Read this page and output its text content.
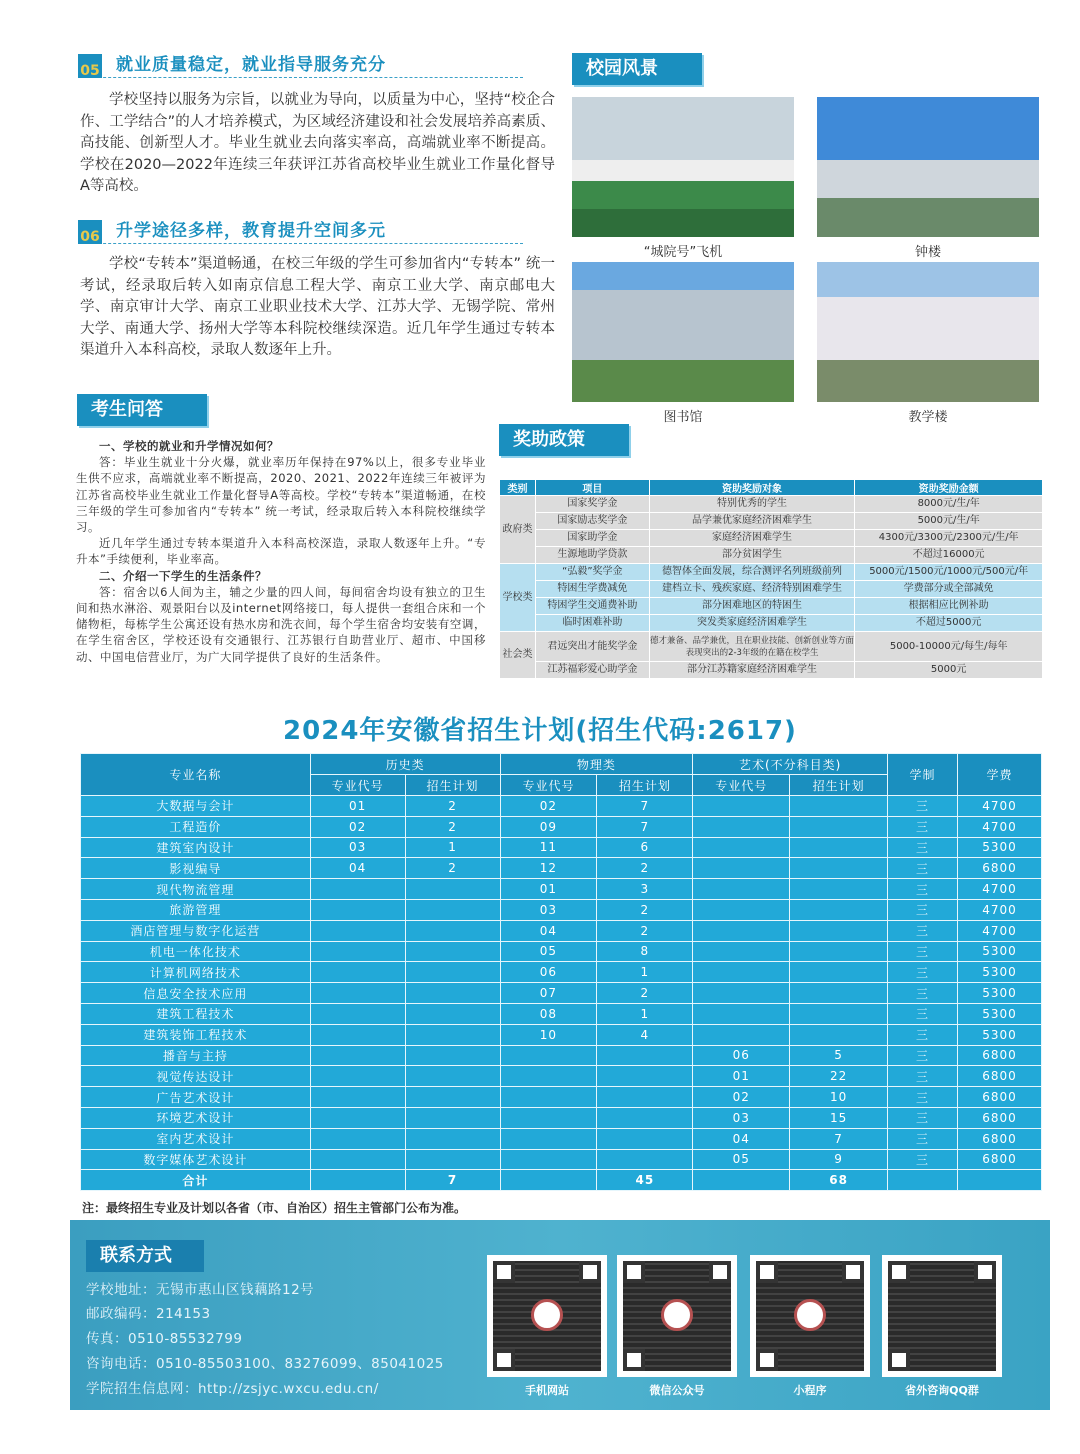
05 就业质量稳定，就业指导服务充分
学校坚持以服务为宗旨，以就业为导向，以质量为中心，坚持“校企合作、工学结合”的人才培养模式，为区域经济建设和社会发展培养高素质、高技能、创新型人才。毕业生就业去向落实率高，高端就业率不断提高。学校在2020—2022年连续三年获评江苏省高校毕业生就业工作量化督导A等高校。
06 升学途径多样，教育提升空间多元
学校“专转本”渠道畅通，在校三年级的学生可参加省内“专转本” 统一考试，经录取后转入如南京信息工程大学、南京工业大学、南京邮电大学、南京审计大学、南京工业职业技术大学、江苏大学、无锡学院、常州大学、南通大学、扬州大学等本科院校继续深造。近几年学生通过专转本渠道升入本科高校，录取人数逐年上升。
校园风景
“城院号”飞机	钟楼
图书馆	教学楼
考生问答

一、学校的就业和升学情况如何？

答：毕业生就业十分火爆，就业率历年保持在97%以上，很多专业毕业生供不应求，高端就业率不断提高，2020、2021、2022年连续三年被评为江苏省高校毕业生就业工作量化督导A等高校。学校“专转本”渠道畅通，在校三年级的学生可参加省内“专转本” 统一考试，经录取后转入本科院校继续学习。

近几年学生通过专转本渠道升入本科高校深造，录取人数逐年上升。“专升本”手续便利，毕业率高。

二、介绍一下学生的生活条件？

答：宿舍以6人间为主，辅之少量的四人间，每间宿舍均设有独立的卫生间和热水淋浴、观景阳台以及internet网络接口，每人提供一套组合床和一个储物柜，每栋学生公寓还设有热水房和洗衣间，每个学生宿舍均安装有空调，在学生宿舍区，学校还设有交通银行、江苏银行自助营业厅、超市、中国移动、中国电信营业厅，为广大同学提供了良好的生活条件。

奖助政策
类别	项目	资助奖励对象	资助奖励金额
政府类	国家奖学金	特别优秀的学生	8000元/生/年
	国家励志奖学金	品学兼优家庭经济困难学生	5000元/生/年
	国家助学金	家庭经济困难学生	4300元/3300元/2300元/生/年
	生源地助学贷款	部分贫困学生	不超过16000元
学校类	“弘毅”奖学金	德智体全面发展，综合测评名列班级前列	5000元/1500元/1000元/500元/年
	特困生学费减免	建档立卡、残疾家庭、经济特别困难学生	学费部分或全部减免
	特困学生交通费补助	部分困难地区的特困生	根据相应比例补助
	临时困难补助	突发类家庭经济困难学生	不超过5000元
社会类	君远突出才能奖学金	德才兼备、品学兼优，且在职业技能、创新创业等方面表现突出的2-3年级的在籍在校学生	5000-10000元/每生/每年
	江苏福彩爱心助学金	部分江苏籍家庭经济困难学生	5000元
2024年安徽省招生计划(招生代码:2617)
专业名称	历史类		物理类		艺术(不分科目类)		学制	学费
	专业代号	招生计划	专业代号	招生计划	专业代号	招生计划		
大数据与会计	01	2	02	7			三	4700
工程造价	02	2	09	7			三	4700
建筑室内设计	03	1	11	6			三	5300
影视编导	04	2	12	2			三	6800
现代物流管理			01	3			三	4700
旅游管理			03	2			三	4700
酒店管理与数字化运营			04	2			三	4700
机电一体化技术			05	8			三	5300
计算机网络技术			06	1			三	5300
信息安全技术应用			07	2			三	5300
建筑工程技术			08	1			三	5300
建筑装饰工程技术			10	4			三	5300
播音与主持					06	5	三	6800
视觉传达设计					01	22	三	6800
广告艺术设计					02	10	三	6800
环境艺术设计					03	15	三	6800
室内艺术设计					04	7	三	6800
数字媒体艺术设计					05	9	三	6800
合计		7		45		68		
注：最终招生专业及计划以各省（市、自治区）招生主管部门公布为准。
联系方式
学校地址：无锡市惠山区钱藕路12号
邮政编码：214153
传真：0510-85532799
咨询电话：0510-85503100、83276099、85041025
学院招生信息网：http://zsjyc.wxcu.edu.cn/	手机网站	微信公众号	小程序	省外咨询QQ群
